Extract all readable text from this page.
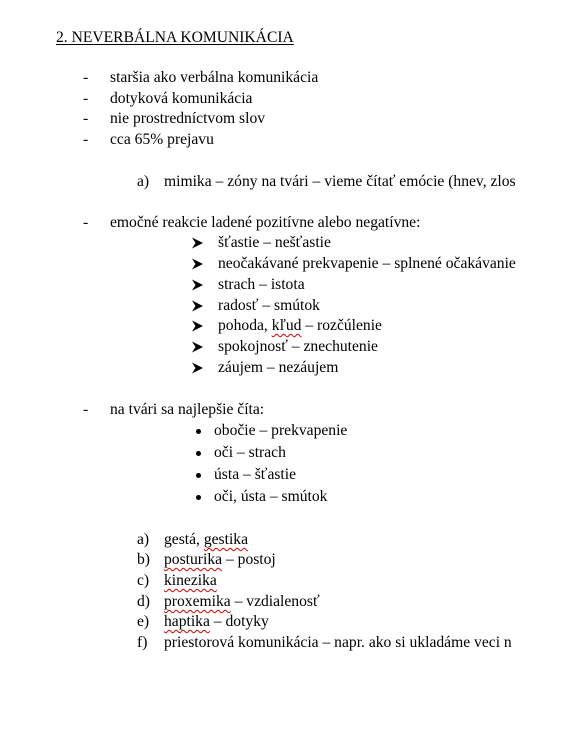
2. NEVERBÁLNA KOMUNIKÁCIA
-	staršia ako verbálna komunikácia
-	dotyková komunikácia
-	nie prostredníctvom slov
-	cca 65% prejavu
a) mimika – zóny na tvári – vieme čítať emócie (hnev, zlos
-	emočné reakcie ladené pozitívne alebo negatívne:
šťastie – nešťastie
neočakávané prekvapenie – splnené očakávanie
strach – istota
radosť – smútok
pohoda, kľud – rozčúlenie
spokojnosť – znechutenie
záujem – nezáujem
-	na tvári sa najlepšie číta:
obočie – prekvapenie
oči – strach
ústa – šťastie
oči, ústa – smútok
a) gestá, gestika
b) posturika – postoj
c) kinezika
d) proxemika – vzdialenosť
e) haptika – dotyky
f) priestorová komunikácia – napr. ako si ukladáme veci n
